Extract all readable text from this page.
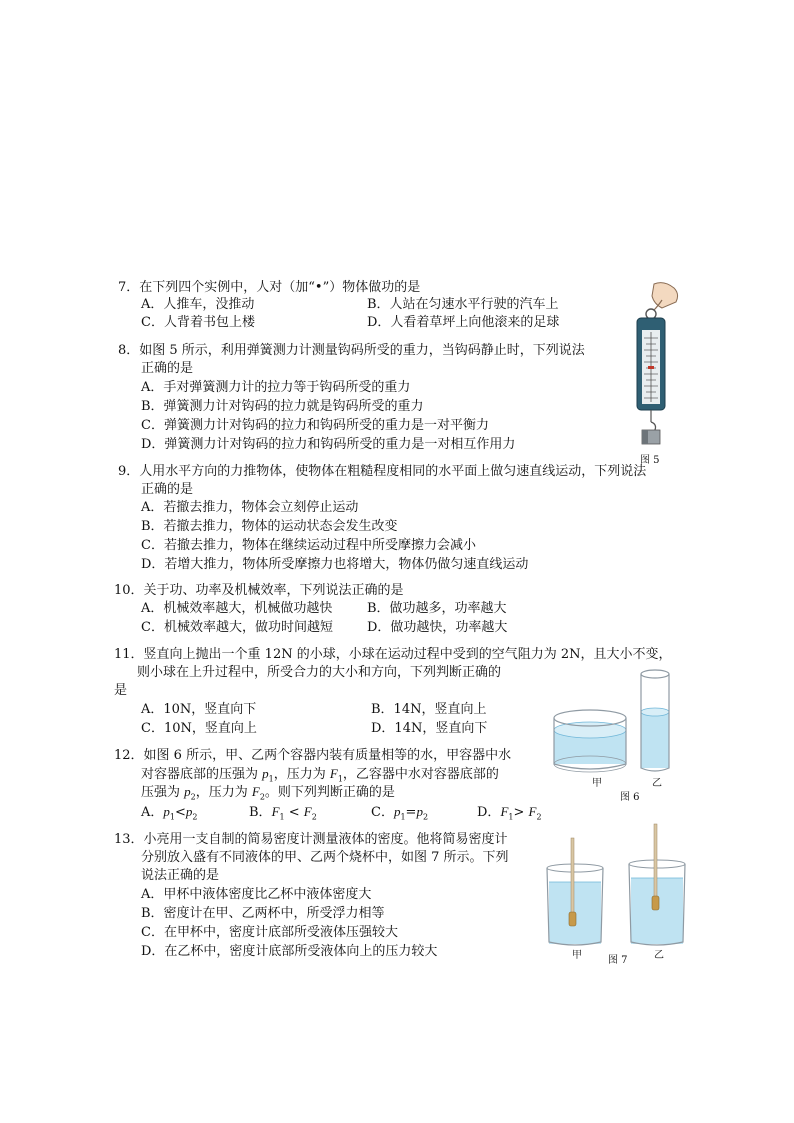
7．在下列四个实例中，人对（加“•”）物体做功的是
A．人推车，没推动	B．人站在匀速水平行驶的汽车上
C．人背着书包上楼	D．人看着草坪上向他滚来的足球
图 5
8．如图 5 所示，利用弹簧测力计测量钩码所受的重力，当钩码静止时，下列说法
正确的是
A．手对弹簧测力计的拉力等于钩码所受的重力
B．弹簧测力计对钩码的拉力就是钩码所受的重力
C．弹簧测力计对钩码的拉力和钩码所受的重力是一对平衡力
D．弹簧测力计对钩码的拉力和钩码所受的重力是一对相互作用力
9．人用水平方向的力推物体，使物体在粗糙程度相同的水平面上做匀速直线运动，下列说法
正确的是
A．若撤去推力，物体会立刻停止运动
B．若撤去推力，物体的运动状态会发生改变
C．若撤去推力，物体在继续运动过程中所受摩擦力会减小
D．若增大推力，物体所受摩擦力也将增大，物体仍做匀速直线运动
10．关于功、功率及机械效率，下列说法正确的是
A．机械效率越大，机械做功越快	B．做功越多，功率越大
C．机械效率越大，做功时间越短	D．做功越快，功率越大
11．竖直向上抛出一个重 12N 的小球，小球在运动过程中受到的空气阻力为 2N，且大小不变，
则小球在上升过程中，所受合力的大小和方向，下列判断正确的
是
A．10N，竖直向下	B．14N，竖直向上
C．10N，竖直向上	D．14N，竖直向下
甲	乙
图 6
12．如图 6 所示，甲、乙两个容器内装有质量相等的水，甲容器中水
对容器底部的压强为 $p_1$，压力为 $F_1$，乙容器中水对容器底部的
压强为 $p_2$，压力为 $F_2$。则下列判断正确的是
A．$p_1<p_2$	B．$F_1 < F_2$	C．$p_1=p_2$	D．$F_1> F_2$
13．小亮用一支自制的简易密度计测量液体的密度。他将简易密度计
分别放入盛有不同液体的甲、乙两个烧杯中，如图 7 所示。下列
说法正确的是
A．甲杯中液体密度比乙杯中液体密度大
B．密度计在甲、乙两杯中，所受浮力相等
C．在甲杯中，密度计底部所受液体压强较大
D．在乙杯中，密度计底部所受液体向上的压力较大	甲	图 7	乙
